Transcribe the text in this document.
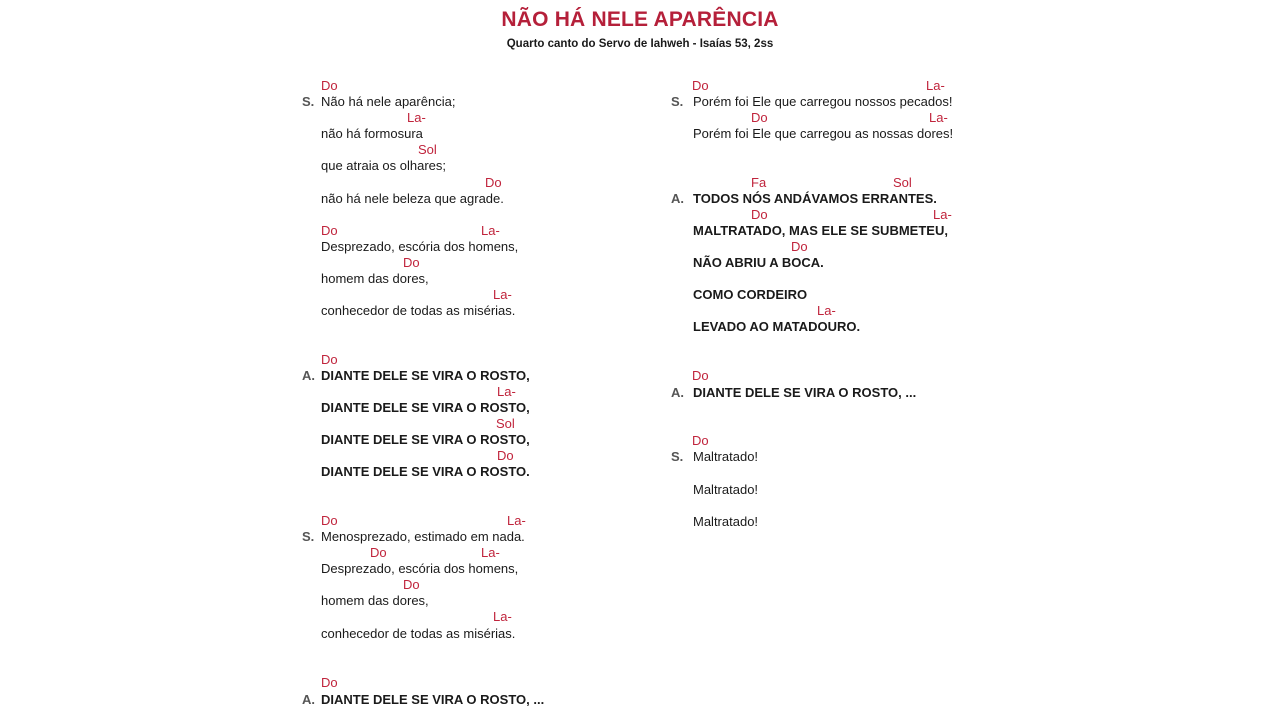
NÃO HÁ NELE APARÊNCIA
Quarto canto do Servo de Iahweh - Isaías 53, 2ss
S.
Do
Não há nele aparência;
La-
não há formosura
Sol
que atraia os olhares;
Do
não há nele beleza que agrade.
Do	La-
Desprezado, escória dos homens,
Do
homem das dores,
La-
conhecedor de todas as misérias.
A.
Do
DIANTE DELE SE VIRA O ROSTO,
La-
DIANTE DELE SE VIRA O ROSTO,
Sol
DIANTE DELE SE VIRA O ROSTO,
Do
DIANTE DELE SE VIRA O ROSTO.
S.
Do	La-
Menosprezado, estimado em nada.
Do	La-
Desprezado, escória dos homens,
Do
homem das dores,
La-
conhecedor de todas as misérias.
A.
Do
DIANTE DELE SE VIRA O ROSTO, ...
S.
Do	La-
Porém foi Ele que carregou nossos pecados!
Do	La-
Porém foi Ele que carregou as nossas dores!
A.
Fa	Sol
TODOS NÓS ANDÁVAMOS ERRANTES.
Do	La-
MALTRATADO, MAS ELE SE SUBMETEU,
Do
NÃO ABRIU A BOCA.
COMO CORDEIRO
La-
LEVADO AO MATADOURO.
A.
Do
DIANTE DELE SE VIRA O ROSTO, ...
S.
Do
Maltratado!
Maltratado!
Maltratado!
